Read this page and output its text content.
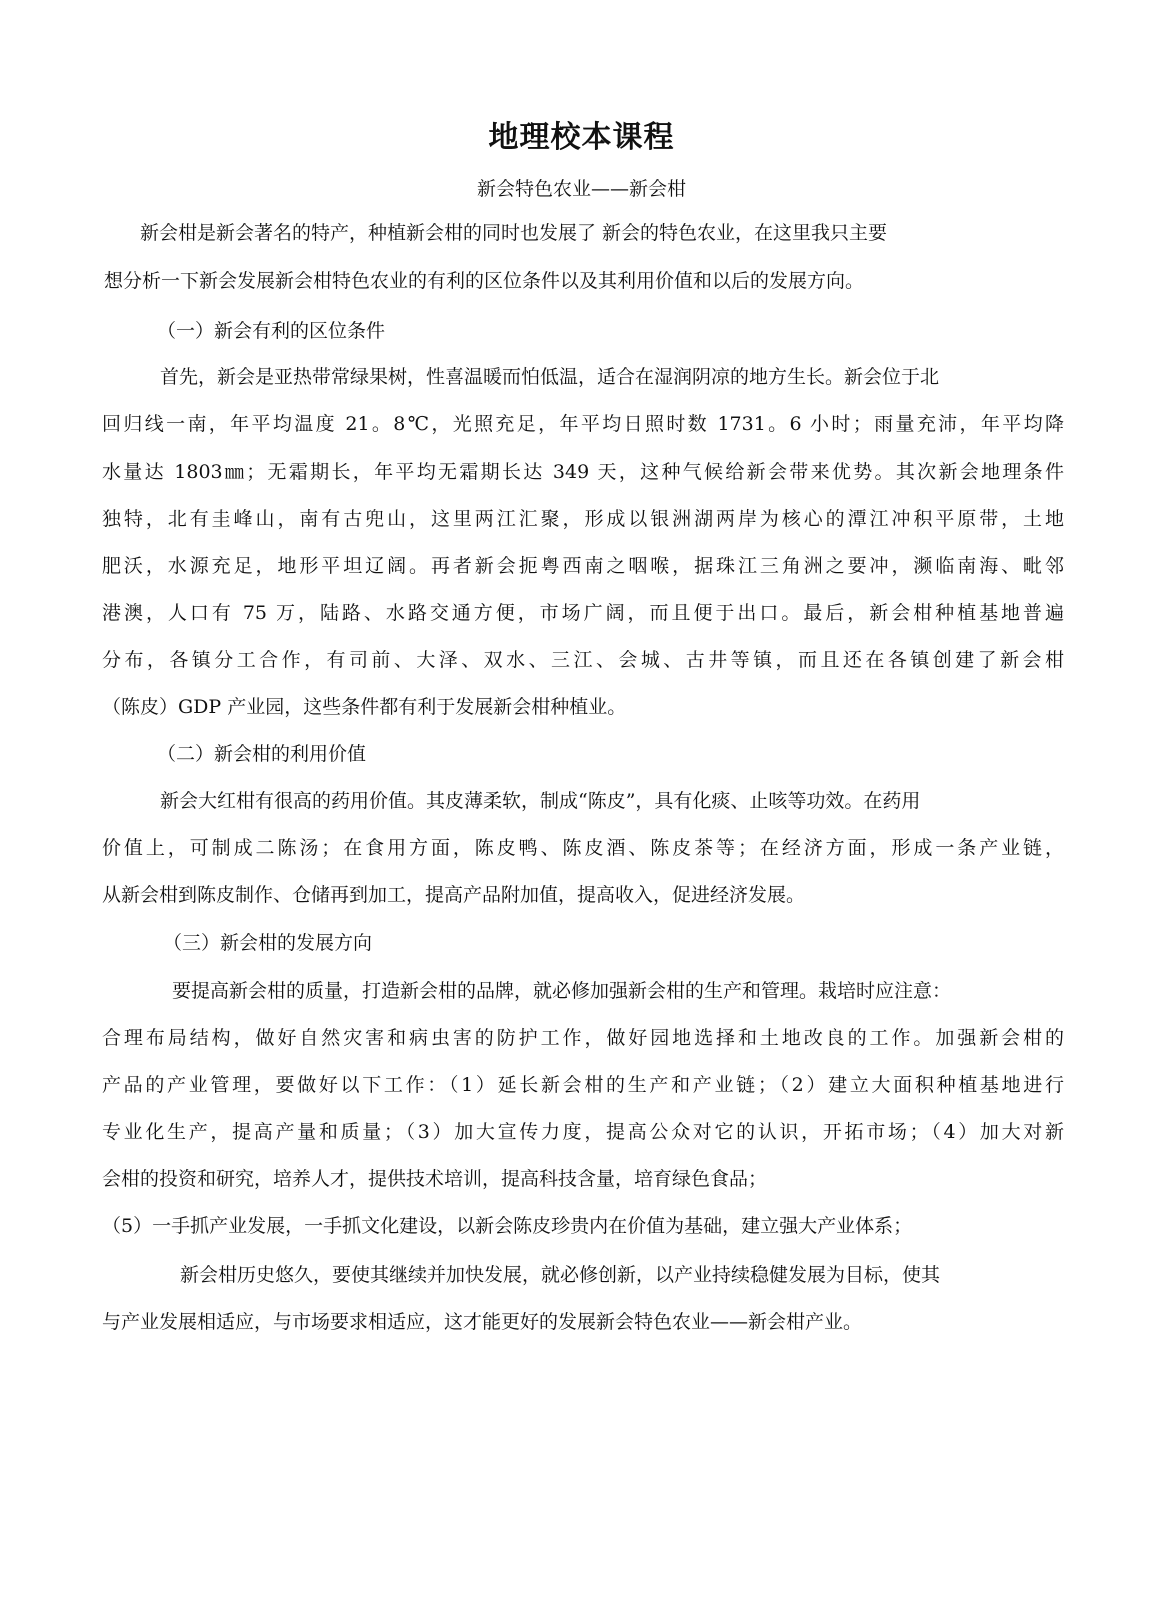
地理校本课程
新会特色农业——新会柑
新会柑是新会著名的特产，种植新会柑的同时也发展了 新会的特色农业，在这里我只主要
想分析一下新会发展新会柑特色农业的有利的区位条件以及其利用价值和以后的发展方向。
（一）新会有利的区位条件
首先，新会是亚热带常绿果树，性喜温暖而怕低温，适合在湿润阴凉的地方生长。新会位于北
回归线一南，年平均温度 21。8℃，光照充足，年平均日照时数 1731。6 小时；雨量充沛，年平均降
水量达 1803㎜；无霜期长，年平均无霜期长达 349 天，这种气候给新会带来优势。其次新会地理条件
独特，北有圭峰山，南有古兜山，这里两江汇聚，形成以银洲湖两岸为核心的潭江冲积平原带，土地
肥沃，水源充足，地形平坦辽阔。再者新会扼粤西南之咽喉，据珠江三角洲之要冲，濒临南海、毗邻
港澳，人口有 75 万，陆路、水路交通方便，市场广阔，而且便于出口。最后，新会柑种植基地普遍
分布，各镇分工合作，有司前、大泽、双水、三江、会城、古井等镇，而且还在各镇创建了新会柑
（陈皮）GDP 产业园，这些条件都有利于发展新会柑种植业。
（二）新会柑的利用价值
新会大红柑有很高的药用价值。其皮薄柔软，制成“陈皮”，具有化痰、止咳等功效。在药用
价值上，可制成二陈汤；在食用方面，陈皮鸭、陈皮酒、陈皮茶等；在经济方面，形成一条产业链，
从新会柑到陈皮制作、仓储再到加工，提高产品附加值，提高收入，促进经济发展。
（三）新会柑的发展方向
要提高新会柑的质量，打造新会柑的品牌，就必修加强新会柑的生产和管理。栽培时应注意：
合理布局结构，做好自然灾害和病虫害的防护工作，做好园地选择和土地改良的工作。加强新会柑的
产品的产业管理，要做好以下工作：（1）延长新会柑的生产和产业链；（2）建立大面积种植基地进行
专业化生产，提高产量和质量；（3）加大宣传力度，提高公众对它的认识，开拓市场；（4）加大对新
会柑的投资和研究，培养人才，提供技术培训，提高科技含量，培育绿色食品；
（5）一手抓产业发展，一手抓文化建设，以新会陈皮珍贵内在价值为基础，建立强大产业体系；
新会柑历史悠久，要使其继续并加快发展，就必修创新，以产业持续稳健发展为目标，使其
与产业发展相适应，与市场要求相适应，这才能更好的发展新会特色农业——新会柑产业。
